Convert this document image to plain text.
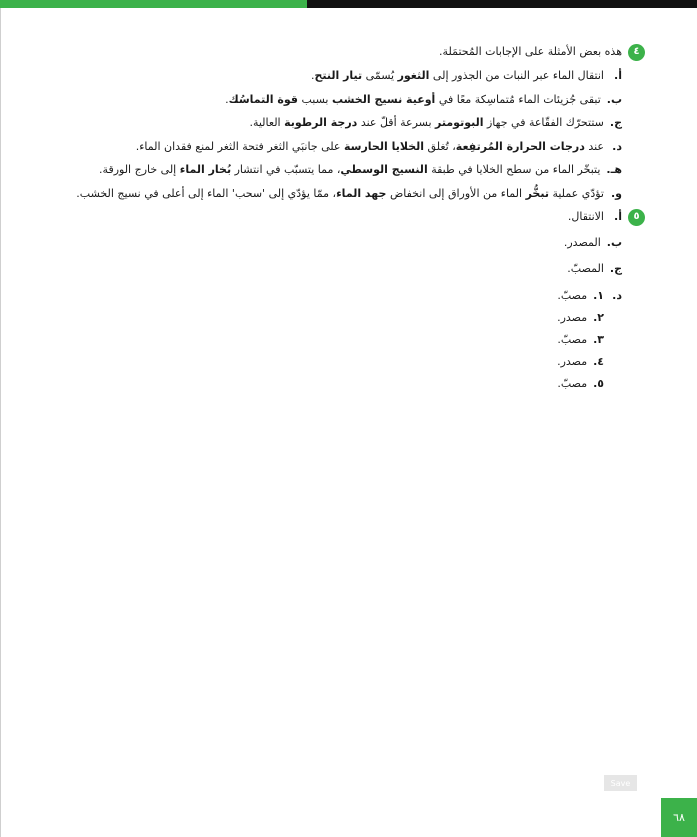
٤
هذه بعض الأمثلة على الإجابات المُحتمَلة.
أ.
انتقال الماء عبر النبات من الجذور إلى الثغور يُسمّى تيار النتح.
ب.
تبقى جُزيئات الماء مُتماسِكة معًا في أوعية نسيج الخشب بسبب قوة التماسُك.
ج.
ستتحرّك الفقّاعة في جهاز البوتومتر بسرعة أقلّ عند درجة الرطوبة العالية.
د.
عند درجات الحرارة المُرتفِعة، تُغلق الخلايا الحارسة على جانبَي الثغر فتحة الثغر لمنع فقدان الماء.
هـ.
يتبخّر الماء من سطح الخلايا في طبقة النسيج الوسطي، مما يتسبّب في انتشار بُخار الماء إلى خارج الورقة.
و.
تؤدّي عملية تبخُّر الماء من الأوراق إلى انخفاض جهد الماء، ممّا يؤدّي إلى 'سحب' الماء إلى أعلى في نسيج الخشب.
٥
أ.
الانتقال.
ب.
المصدر.
ج.
المصبّ.
د.
١.
مصبّ.
٢.
مصدر.
٣.
مصبّ.
٤.
مصدر.
٥.
مصبّ.
Save
٦٨
